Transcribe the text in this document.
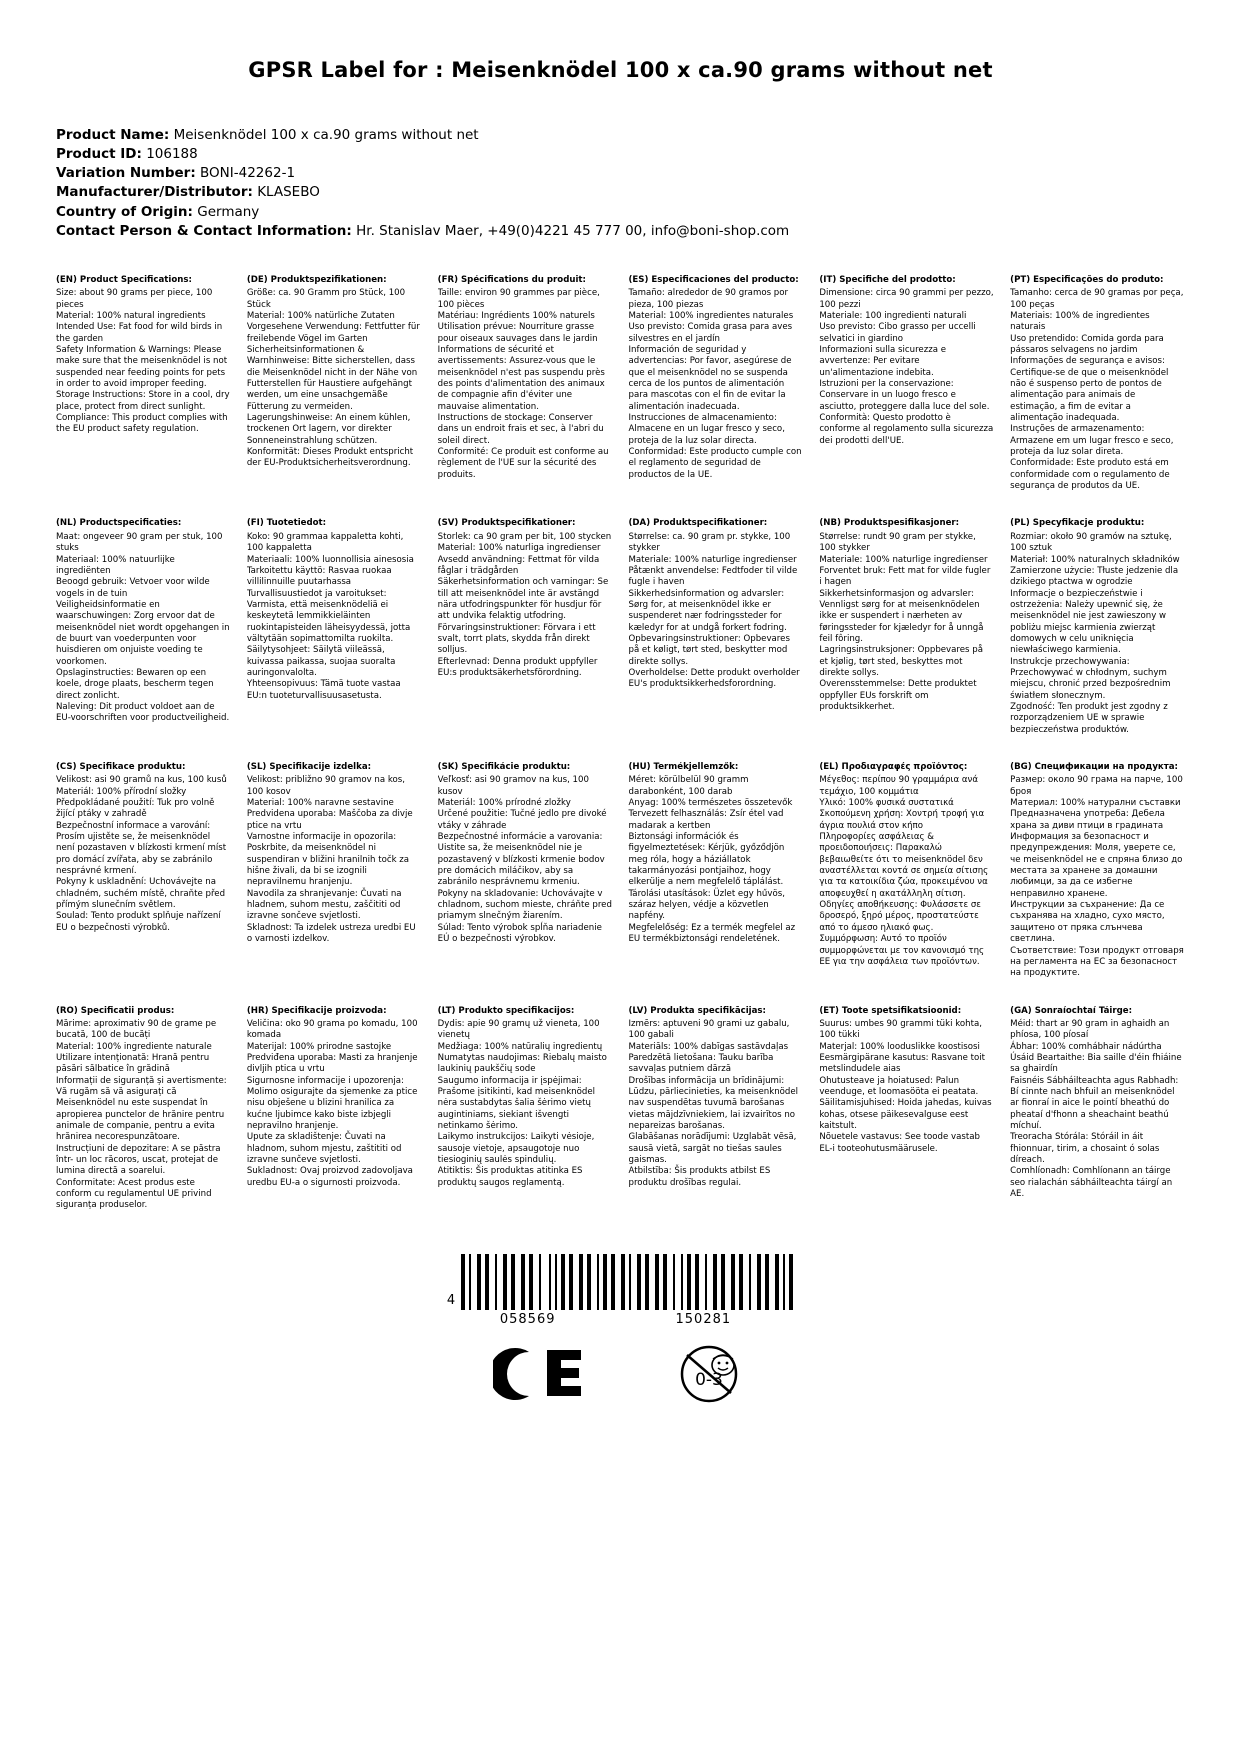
GPSR Label for : Meisenknödel 100 x ca.90 grams without net
Product Name: Meisenknödel 100 x ca.90 grams without net
Product ID: 106188
Variation Number: BONI-42262-1
Manufacturer/Distributor: KLASEBO
Country of Origin: Germany
Contact Person & Contact Information: Hr. Stanislav Maer, +49(0)4221 45 777 00, info@boni-shop.com
(EN) Product Specifications:

Size: about 90 grams per piece, 100 pieces

Material: 100% natural ingredients

Intended Use: Fat food for wild birds in the garden

Safety Information & Warnings: Please make sure that the meisenknödel is not suspended near feeding points for pets in order to avoid improper feeding.

Storage Instructions: Store in a cool, dry place, protect from direct sunlight.

Compliance: This product complies with the EU product safety regulation.

(DE) Produktspezifikationen:

Größe: ca. 90 Gramm pro Stück, 100 Stück

Material: 100% natürliche Zutaten

Vorgesehene Verwendung: Fettfutter für freilebende Vögel im Garten

Sicherheitsinformationen & Warnhinweise: Bitte sicherstellen, dass die Meisenknödel nicht in der Nähe von Futterstellen für Haustiere aufgehängt werden, um eine unsachgemäße Fütterung zu vermeiden.

Lagerungshinweise: An einem kühlen, trockenen Ort lagern, vor direkter Sonneneinstrahlung schützen.

Konformität: Dieses Produkt entspricht der EU-Produktsicherheitsverordnung.

(FR) Spécifications du produit:

Taille: environ 90 grammes par pièce, 100 pièces

Matériau: Ingrédients 100% naturels

Utilisation prévue: Nourriture grasse pour oiseaux sauvages dans le jardin

Informations de sécurité et avertissements: Assurez-vous que le meisenknödel n'est pas suspendu près des points d'alimentation des animaux de compagnie afin d'éviter une mauvaise alimentation.

Instructions de stockage: Conserver dans un endroit frais et sec, à l'abri du soleil direct.

Conformité: Ce produit est conforme au règlement de l'UE sur la sécurité des produits.

(ES) Especificaciones del producto:

Tamaño: alrededor de 90 gramos por pieza, 100 piezas

Material: 100% ingredientes naturales

Uso previsto: Comida grasa para aves silvestres en el jardín

Información de seguridad y advertencias: Por favor, asegúrese de que el meisenknödel no se suspenda cerca de los puntos de alimentación para mascotas con el fin de evitar la alimentación inadecuada.

Instrucciones de almacenamiento: Almacene en un lugar fresco y seco, proteja de la luz solar directa.

Conformidad: Este producto cumple con el reglamento de seguridad de productos de la UE.

(IT) Specifiche del prodotto:

Dimensione: circa 90 grammi per pezzo, 100 pezzi

Materiale: 100 ingredienti naturali

Uso previsto: Cibo grasso per uccelli selvatici in giardino

Informazioni sulla sicurezza e avvertenze: Per evitare un'alimentazione indebita.

Istruzioni per la conservazione: Conservare in un luogo fresco e asciutto, proteggere dalla luce del sole.

Conformità: Questo prodotto è conforme al regolamento sulla sicurezza dei prodotti dell'UE.

(PT) Especificações do produto:

Tamanho: cerca de 90 gramas por peça, 100 peças

Materiais: 100% de ingredientes naturais

Uso pretendido: Comida gorda para pássaros selvagens no jardim

Informações de segurança e avisos: Certifique-se de que o meisenknödel não é suspenso perto de pontos de alimentação para animais de estimação, a fim de evitar a alimentação inadequada.

Instruções de armazenamento: Armazene em um lugar fresco e seco, proteja da luz solar direta.

Conformidade: Este produto está em conformidade com o regulamento de segurança de produtos da UE.

(NL) Productspecificaties:

Maat: ongeveer 90 gram per stuk, 100 stuks

Materiaal: 100% natuurlijke ingrediënten

Beoogd gebruik: Vetvoer voor wilde vogels in de tuin

Veiligheidsinformatie en waarschuwingen: Zorg ervoor dat de meisenknödel niet wordt opgehangen in de buurt van voederpunten voor huisdieren om onjuiste voeding te voorkomen.

Opslaginstructies: Bewaren op een koele, droge plaats, bescherm tegen direct zonlicht.

Naleving: Dit product voldoet aan de EU-voorschriften voor productveiligheid.

(FI) Tuotetiedot:

Koko: 90 grammaa kappaletta kohti, 100 kappaletta

Materiaali: 100% luonnollisia ainesosia

Tarkoitettu käyttö: Rasvaa ruokaa villilinnuille puutarhassa

Turvallisuustiedot ja varoitukset: Varmista, että meisenknödeliä ei keskeytetä lemmikkieläinten ruokintapisteiden läheisyydessä, jotta vältytään sopimattomilta ruokilta.

Säilytysohjeet: Säilytä viileässä, kuivassa paikassa, suojaa suoralta auringonvalolta.

Yhteensopivuus: Tämä tuote vastaa EU:n tuoteturvallisuusasetusta.

(SV) Produktspecifikationer:

Storlek: ca 90 gram per bit, 100 stycken

Material: 100% naturliga ingredienser

Avsedd användning: Fettmat för vilda fåglar i trädgården

Säkerhetsinformation och varningar: Se till att meisenknödel inte är avstängd nära utfodringspunkter för husdjur för att undvika felaktig utfodring.

Förvaringsinstruktioner: Förvara i ett svalt, torrt plats, skydda från direkt solljus.

Efterlevnad: Denna produkt uppfyller EU:s produktsäkerhetsförordning.

(DA) Produktspecifikationer:

Størrelse: ca. 90 gram pr. stykke, 100 stykker

Materiale: 100% naturlige ingredienser

Påtænkt anvendelse: Fedtfoder til vilde fugle i haven

Sikkerhedsinformation og advarsler: Sørg for, at meisenknödel ikke er suspenderet nær fodringssteder for kæledyr for at undgå forkert fodring.

Opbevaringsinstruktioner: Opbevares på et køligt, tørt sted, beskytter mod direkte sollys.

Overholdelse: Dette produkt overholder EU's produktsikkerhedsforordning.

(NB) Produktspesifikasjoner:

Størrelse: rundt 90 gram per stykke, 100 stykker

Materiale: 100% naturlige ingredienser

Forventet bruk: Fett mat for vilde fugler i hagen

Sikkerhetsinformasjon og advarsler: Vennligst sørg for at meisenknödelen ikke er suspendert i nærheten av føringssteder for kjæledyr for å unngå feil fôring.

Lagringsinstruksjoner: Oppbevares på et kjølig, tørt sted, beskyttes mot direkte sollys.

Overensstemmelse: Dette produktet oppfyller EUs forskrift om produktsikkerhet.

(PL) Specyfikacje produktu:

Rozmiar: około 90 gramów na sztukę, 100 sztuk

Materiał: 100% naturalnych składników

Zamierzone użycie: Tłuste jedzenie dla dzikiego ptactwa w ogrodzie

Informacje o bezpieczeństwie i ostrzeżenia: Należy upewnić się, że meisenknödel nie jest zawieszony w pobliżu miejsc karmienia zwierząt domowych w celu uniknięcia niewłaściwego karmienia.

Instrukcje przechowywania: Przechowywać w chłodnym, suchym miejscu, chronić przed bezpośrednim światłem słonecznym.

Zgodność: Ten produkt jest zgodny z rozporządzeniem UE w sprawie bezpieczeństwa produktów.

(CS) Specifikace produktu:

Velikost: asi 90 gramů na kus, 100 kusů

Materiál: 100% přírodní složky

Předpokládané použití: Tuk pro volně žijící ptáky v zahradě

Bezpečnostní informace a varování: Prosím ujistěte se, že meisenknödel není pozastaven v blízkosti krmení míst pro domácí zvířata, aby se zabránilo nesprávné krmení.

Pokyny k uskladnění: Uchovávejte na chladném, suchém místě, chraňte před přímým slunečním světlem.

Soulad: Tento produkt splňuje nařízení EU o bezpečnosti výrobků.

(SL) Specifikacije izdelka:

Velikost: približno 90 gramov na kos, 100 kosov

Material: 100% naravne sestavine

Predvidena uporaba: Maščoba za divje ptice na vrtu

Varnostne informacije in opozorila: Poskrbite, da meisenknödel ni suspendiran v bližini hranilnih točk za hišne živali, da bi se izognili nepravilnemu hranjenju.

Navodila za shranjevanje: Čuvati na hladnem, suhom mestu, zaščititi od izravne sončeve svjetlosti.

Skladnost: Ta izdelek ustreza uredbi EU o varnosti izdelkov.

(SK) Špecifikácie produktu:

Veľkosť: asi 90 gramov na kus, 100 kusov

Materiál: 100% prírodné zložky

Určené použitie: Tučné jedlo pre divoké vtáky v záhrade

Bezpečnostné informácie a varovania: Uistite sa, že meisenknödel nie je pozastavený v blízkosti krmenie bodov pre domácich miláčikov, aby sa zabránilo nesprávnemu krmeniu.

Pokyny na skladovanie: Uchovávajte v chladnom, suchom mieste, chráňte pred priamym slnečným žiarením.

Súlad: Tento výrobok spĺňa nariadenie EÚ o bezpečnosti výrobkov.

(HU) Termékjellemzők:

Méret: körülbelül 90 gramm darabonként, 100 darab

Anyag: 100% természetes összetevők

Tervezett felhasználás: Zsír étel vad madarak a kertben

Biztonsági információk és figyelmeztetések: Kérjük, győződjön meg róla, hogy a háziállatok takarmányozási pontjaihoz, hogy elkerülje a nem megfelelő táplálást.

Tárolási utasítások: Üzlet egy hűvös, száraz helyen, védje a közvetlen napfény.

Megfelelőség: Ez a termék megfelel az EU termékbiztonsági rendeletének.

(EL) Προδιαγραφές προϊόντος:

Μέγεθος: περίπου 90 γραμμάρια ανά τεμάχιο, 100 κομμάτια

Υλικό: 100% φυσικά συστατικά

Σκοπούμενη χρήση: Χοντρή τροφή για άγρια πουλιά στον κήπο

Πληροφορίες ασφάλειας & προειδοποιήσεις: Παρακαλώ βεβαιωθείτε ότι το meisenknödel δεν αναστέλλεται κοντά σε σημεία σίτισης για τα κατοικίδια ζώα, προκειμένου να αποφευχθεί η ακατάλληλη σίτιση.

Οδηγίες αποθήκευσης: Φυλάσσετε σε δροσερό, ξηρό μέρος, προστατεύστε από το άμεσο ηλιακό φως.

Συμμόρφωση: Αυτό το προϊόν συμμορφώνεται με τον κανονισμό της ΕΕ για την ασφάλεια των προϊόντων.

(BG) Спецификации на продукта:

Размер: около 90 грама на парче, 100 броя

Материал: 100% натурални съставки

Предназначена употреба: Дебела храна за диви птици в градината

Информация за безопасност и предупреждения: Моля, уверете се, че meisenknödel не е спряна близо до местата за хранене за домашни любимци, за да се избегне неправилно хранене.

Инструкции за съхранение: Да се съхранява на хладно, сухо място, защитено от пряка слънчева светлина.

Съответствие: Този продукт отговаря на регламента на ЕС за безопасност на продуктите.

(RO) Specificatii produs:

Mărime: aproximativ 90 de grame pe bucată, 100 de bucăți

Material: 100% ingrediente naturale

Utilizare intenționată: Hrană pentru păsări sălbatice în grădină

Informații de siguranță și avertismente: Vă rugăm să vă asigurați că Meisenknödel nu este suspendat în apropierea punctelor de hrănire pentru animale de companie, pentru a evita hrănirea necorespunzătoare.

Instrucțiuni de depozitare: A se păstra într- un loc răcoros, uscat, protejat de lumina directă a soarelui.

Conformitate: Acest produs este conform cu regulamentul UE privind siguranța produselor.

(HR) Specifikacije proizvoda:

Veličina: oko 90 grama po komadu, 100 komada

Materijal: 100% prirodne sastojke

Predviđena uporaba: Masti za hranjenje divljih ptica u vrtu

Sigurnosne informacije i upozorenja: Molimo osigurajte da sjemenke za ptice nisu obješene u blizini hranilica za kućne ljubimce kako biste izbjegli nepravilno hranjenje.

Upute za skladištenje: Čuvati na hladnom, suhom mjestu, zaštititi od izravne sunčeve svjetlosti.

Sukladnost: Ovaj proizvod zadovoljava uredbu EU-a o sigurnosti proizvoda.

(LT) Produkto specifikacijos:

Dydis: apie 90 gramų už vieneta, 100 vienetų

Medžiaga: 100% natūralių ingredientų

Numatytas naudojimas: Riebalų maisto laukinių paukščių sode

Saugumo informacija ir įspėjimai: Prašome įsitikinti, kad meisenknödel nėra sustabdytas šalia šėrimo vietų augintiniams, siekiant išvengti netinkamo šėrimo.

Laikymo instrukcijos: Laikyti vėsioje, sausoje vietoje, apsaugotoje nuo tiesioginių saulės spindulių.

Atitiktis: Šis produktas atitinka ES produktų saugos reglamentą.

(LV) Produkta specifikācijas:

Izmērs: aptuveni 90 grami uz gabalu, 100 gabali

Materiāls: 100% dabīgas sastāvdaļas

Paredzētā lietošana: Tauku barība savvaļas putniem dārzā

Drošības informācija un brīdinājumi: Lūdzu, pārliecinieties, ka meisenknödel nav suspendētas tuvumā barošanas vietas mājdzīvniekiem, lai izvairītos no nepareizas barošanas.

Glabāšanas norādījumi: Uzglabāt vēsā, sausā vietā, sargāt no tiešas saules gaismas.

Atbilstība: Šis produkts atbilst ES produktu drošības regulai.

(ET) Toote spetsifikatsioonid:

Suurus: umbes 90 grammi tüki kohta, 100 tükki

Materjal: 100% looduslikke koostisosi

Eesmärgipärane kasutus: Rasvane toit metslindudele aias

Ohutusteave ja hoiatused: Palun veenduge, et loomasööta ei peatata.

Säilitamisjuhised: Hoida jahedas, kuivas kohas, otsese päikesevalguse eest kaitstult.

Nõuetele vastavus: See toode vastab EL-i tooteohutusmäärusele.

(GA) Sonraíochtaí Táirge:

Méid: thart ar 90 gram in aghaidh an phíosa, 100 píosaí

Ábhar: 100% comhábhair nádúrtha

Úsáid Beartaithe: Bia saille d'éin fhiáine sa ghairdín

Faisnéis Sábháilteachta agus Rabhadh: Bí cinnte nach bhfuil an meisenknödel ar fionraí in aice le pointí bheathú do pheataí d'fhonn a sheachaint beathú míchuí.

Treoracha Stórála: Stóráil in áit fhionnuar, tirim, a chosaint ó solas díreach.

Comhlíonadh: Comhlíonann an táirge seo rialachán sábháilteachta táirgí an AE.

4
058569	150281
0-3
